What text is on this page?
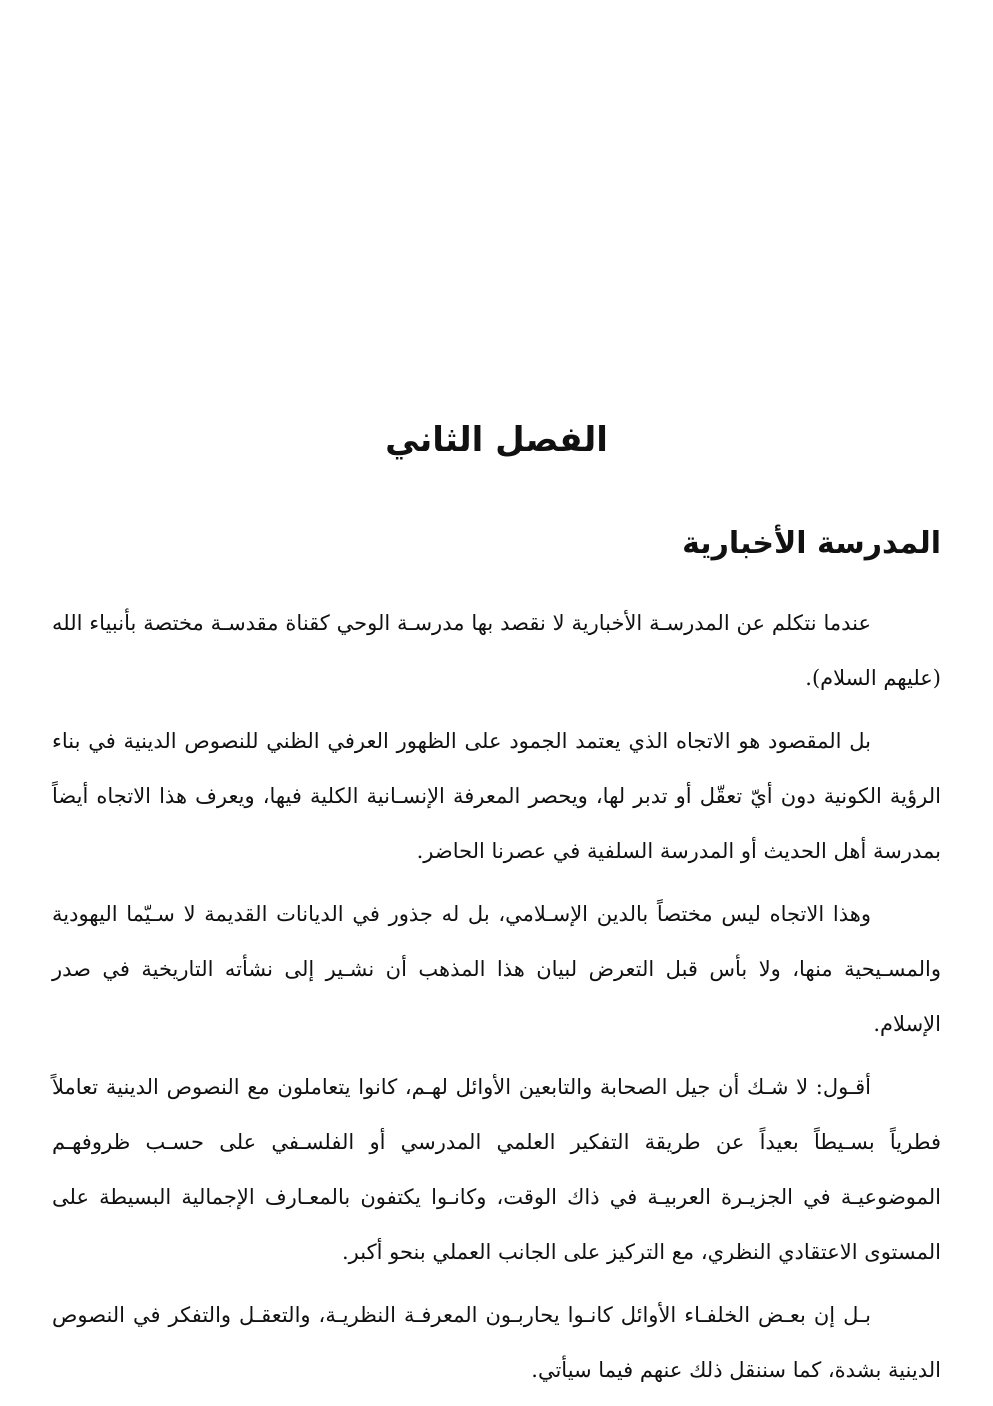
الفصل الثاني
المدرسة الأخبارية

عندما نتكلم عن المدرسـة الأخبارية لا نقصد بها مدرسـة الوحي كقناة مقدسـة مختصة بأنبياء الله (عليهم السلام).

بل المقصود هو الاتجاه الذي يعتمد الجمود على الظهور العرفي الظني للنصوص الدينية في بناء الرؤية الكونية دون أيّ تعقّل أو تدبر لها، ويحصر المعرفة الإنسـانية الكلية فيها، ويعرف هذا الاتجاه أيضاً بمدرسة أهل الحديث أو المدرسة السلفية في عصرنا الحاضر.

وهذا الاتجاه ليس مختصاً بالدين الإسـلامي، بل له جذور في الديانات القديمة لا سـيّما اليهودية والمسـيحية منها، ولا بأس قبل التعرض لبيان هذا المذهب أن نشـير إلى نشأته التاريخية في صدر الإسلام.

أقـول: لا شـك أن جيل الصحابة والتابعين الأوائل لهـم، كانوا يتعاملون مع النصوص الدينية تعاملاً فطرياً بسـيطاً بعيداً عن طريقة التفكير العلمي المدرسي أو الفلسـفي على حسـب ظروفهـم الموضوعيـة في الجزيـرة العربيـة في ذاك الوقت، وكانـوا يكتفون بالمعـارف الإجمالية البسيطة على المستوى الاعتقادي النظري، مع التركيز على الجانب العملي بنحو أكبر.

بـل إن بعـض الخلفـاء الأوائل كانـوا يحاربـون المعرفـة النظريـة، والتعقـل والتفكر في النصوص الدينية بشدة، كما سننقل ذلك عنهم فيما سيأتي.
